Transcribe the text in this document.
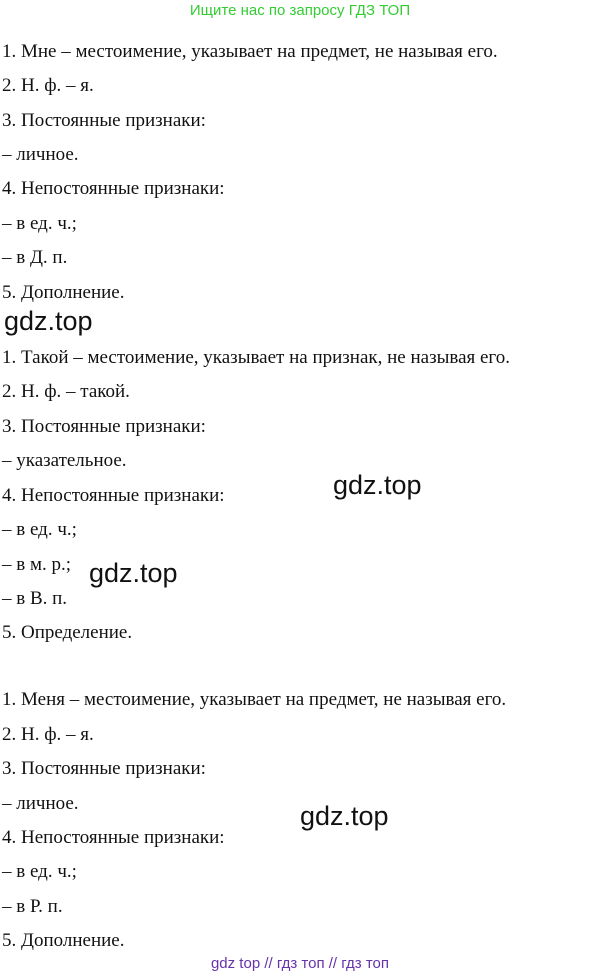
Ищите нас по запросу ГДЗ ТОП
1. Мне – местоимение, указывает на предмет, не называя его.
2. Н. ф. – я.
3. Постоянные признаки:
– личное.
4. Непостоянные признаки:
– в ед. ч.;
– в Д. п.
5. Дополнение.
gdz.top
1. Такой – местоимение, указывает на признак, не называя его.
2. Н. ф. – такой.
3. Постоянные признаки:
– указательное.
4. Непостоянные признаки:
– в ед. ч.;
– в м. р.;
– в В. п.
5. Определение.
gdz.top
gdz.top
1. Меня – местоимение, указывает на предмет, не называя его.
2. Н. ф. – я.
3. Постоянные признаки:
– личное.
4. Непостоянные признаки:
– в ед. ч.;
– в Р. п.
5. Дополнение.
gdz.top
gdz top // гдз топ // гдз топ
